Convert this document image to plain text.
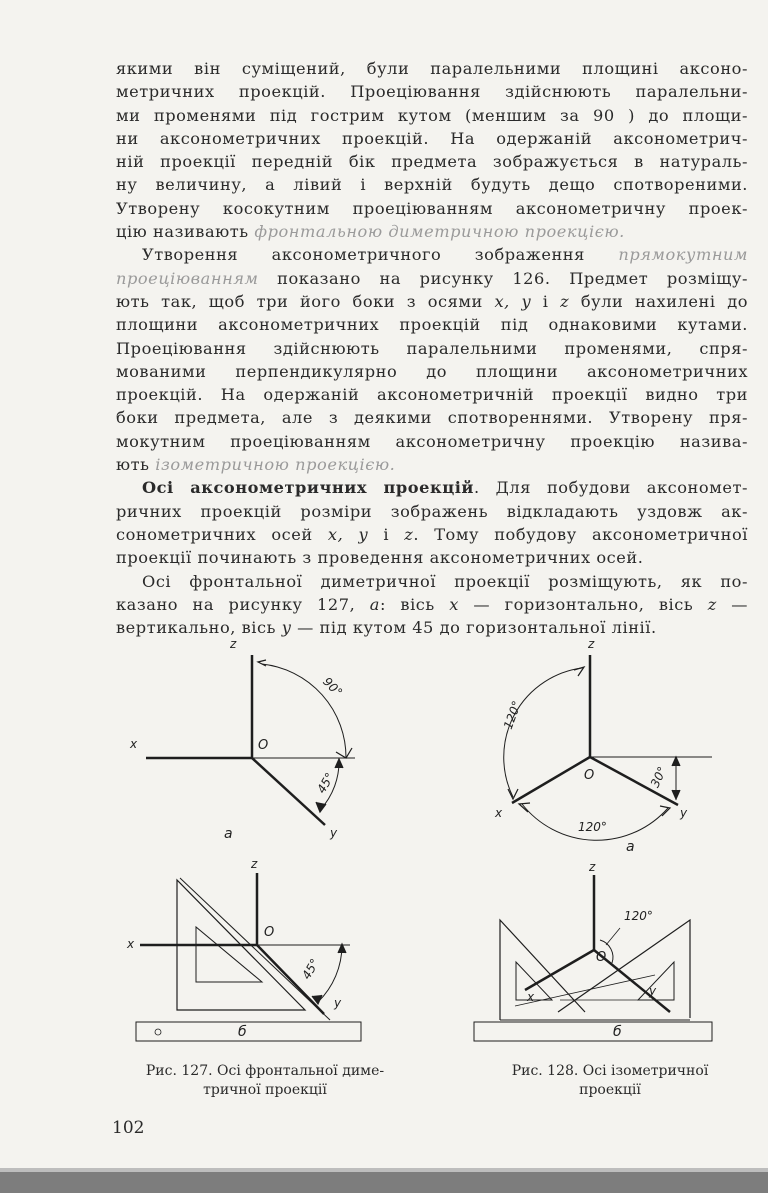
якими він суміщений, були паралельними площині аксоно-
метричних проекцій. Проеціювання здійснюють паралельни-
ми променями під гострим кутом (меншим за 90 ) до площи-
ни аксонометричних проекцій. На одержаній аксонометрич-
ній проекції передній бік предмета зображується в натураль-
ну величину, а лівий і верхній будуть дещо спотвореними.
Утворену косокутним проеціюванням аксонометричну проек-
цію називають фронтальною диметричною проекцією.
Утворення аксонометричного зображення прямокутним
проеціюванням показано на рисунку 126. Предмет розміщу-
ють так, щоб три його боки з осями x, y і z були нахилені до
площини аксонометричних проекцій під однаковими кутами.
Проеціювання здійснюють паралельними променями, спря-
мованими перпендикулярно до площини аксонометричних
проекцій. На одержаній аксонометричній проекції видно три
боки предмета, але з деякими спотвореннями. Утворену пря-
мокутним проеціюванням аксонометричну проекцію назива-
ють ізометричною проекцією.
Осі аксонометричних проекцій. Для побудови аксономет-
ричних проекцій розміри зображень відкладають уздовж ак-
сонометричних осей x, y і z. Тому побудову аксонометричної
проекції починають з проведення аксонометричних осей.
Осі фронтальної диметричної проекції розміщують, як по-
казано на рисунку 127, а: вісь x — горизонтально, вісь z —
вертикально, вісь y — під кутом 45 до горизонтальної лінії.
z
x	O
y
90°
45°
а
z
x
O
y
45°
б
z
x
O
y
120°
120°
30°
а
z
x
O
y
120°
б
Рис. 127. Осі фронтальної диме-
тричної проекції
Рис. 128. Осі ізометричної
проекції
102
